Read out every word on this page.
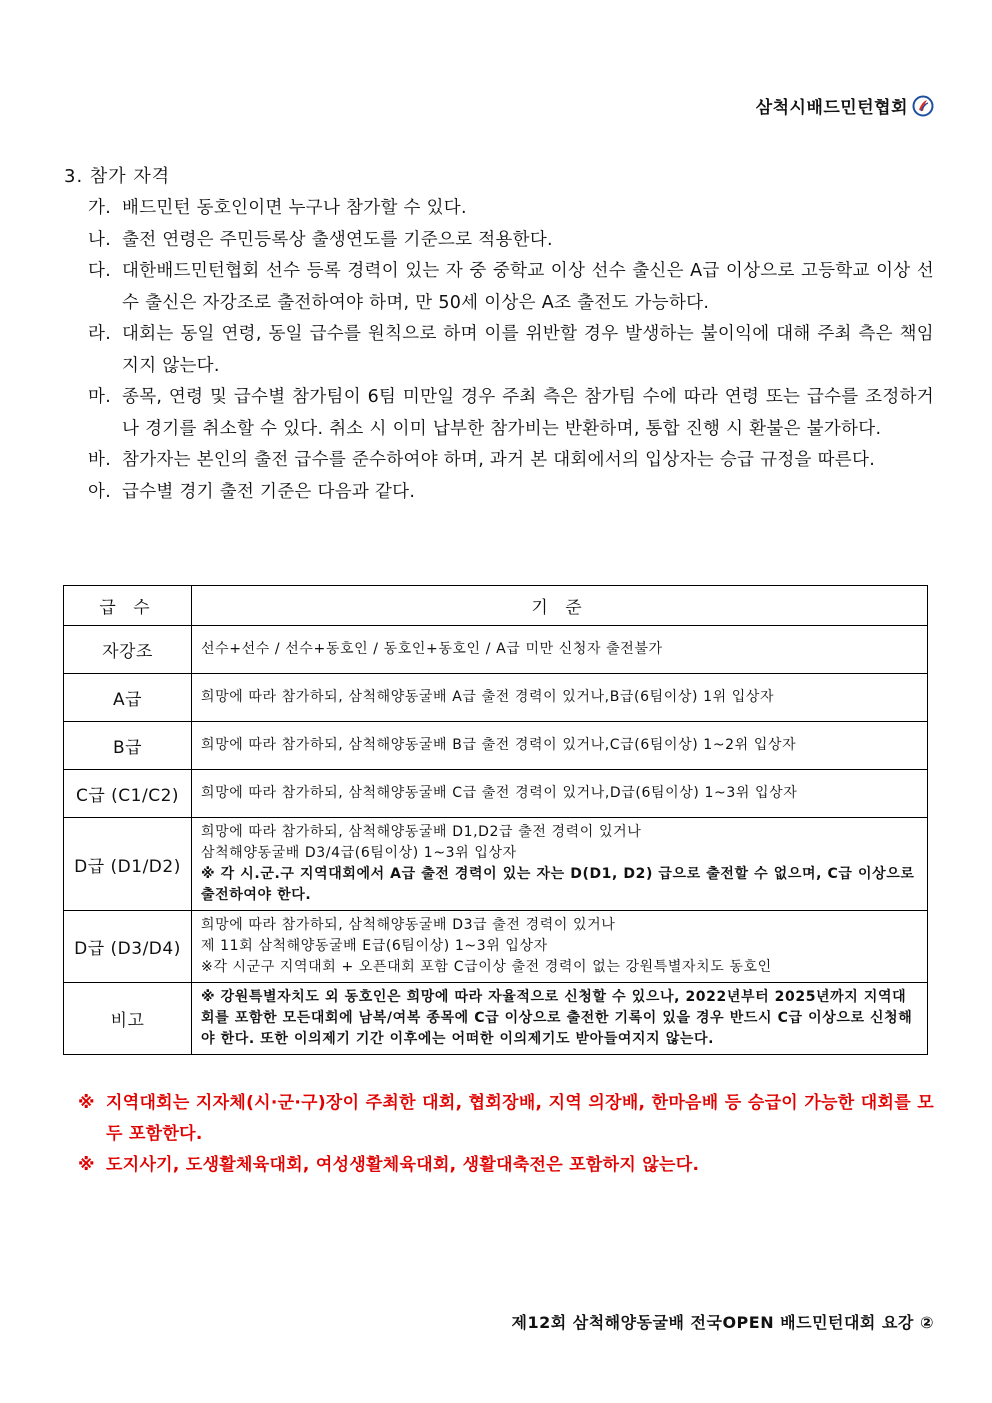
삼척시배드민턴협회
3. 참가 자격
가. 배드민턴 동호인이면 누구나 참가할 수 있다.
나. 출전 연령은 주민등록상 출생연도를 기준으로 적용한다.
다. 대한배드민턴협회 선수 등록 경력이 있는 자 중 중학교 이상 선수 출신은 A급 이상으로 고등학교 이상 선수 출신은 자강조로 출전하여야 하며, 만 50세 이상은 A조 출전도 가능하다.
라. 대회는 동일 연령, 동일 급수를 원칙으로 하며 이를 위반할 경우 발생하는 불이익에 대해 주최 측은 책임지지 않는다.
마. 종목, 연령 및 급수별 참가팀이 6팀 미만일 경우 주최 측은 참가팀 수에 따라 연령 또는 급수를 조정하거나 경기를 취소할 수 있다. 취소 시 이미 납부한 참가비는 반환하며, 통합 진행 시 환불은 불가하다.
바. 참가자는 본인의 출전 급수를 준수하여야 하며, 과거 본 대회에서의 입상자는 승급 규정을 따른다.
아. 급수별 경기 출전 기준은 다음과 같다.
급 수	기 준
자강조	선수+선수 / 선수+동호인 / 동호인+동호인 / A급 미만 신청자 출전불가
A급	희망에 따라 참가하되, 삼척해양동굴배 A급 출전 경력이 있거나,B급(6팀이상) 1위 입상자
B급	희망에 따라 참가하되, 삼척해양동굴배 B급 출전 경력이 있거나,C급(6팀이상) 1~2위 입상자
C급 (C1/C2)	희망에 따라 참가하되, 삼척해양동굴배 C급 출전 경력이 있거나,D급(6팀이상) 1~3위 입상자
D급 (D1/D2)	희망에 따라 참가하되, 삼척해양동굴배 D1,D2급 출전 경력이 있거나
삼척해양동굴배 D3/4급(6팀이상) 1~3위 입상자
※ 각 시.군.구 지역대회에서 A급 출전 경력이 있는 자는 D(D1, D2) 급으로 출전할 수 없으며, C급 이상으로 출전하여야 한다.

D급 (D3/D4)	희망에 따라 참가하되, 삼척해양동굴배 D3급 출전 경력이 있거나
제 11회 삼척해양동굴배 E급(6팀이상) 1~3위 입상자
※각 시군구 지역대회 + 오픈대회 포함 C급이상 출전 경력이 없는 강원특별자치도 동호인

비고	※ 강원특별자치도 외 동호인은 희망에 따라 자율적으로 신청할 수 있으나, 2022년부터 2025년까지 지역대회를 포함한 모든대회에 남복/여복 종목에 C급 이상으로 출전한 기록이 있을 경우 반드시 C급 이상으로 신청해야 한다. 또한 이의제기 기간 이후에는 어떠한 이의제기도 받아들여지지 않는다.
※ 지역대회는 지자체(시·군·구)장이 주최한 대회, 협회장배, 지역 의장배, 한마음배 등 승급이 가능한 대회를 모두 포함한다.
※ 도지사기, 도생활체육대회, 여성생활체육대회, 생활대축전은 포함하지 않는다.
제12회 삼척해양동굴배 전국OPEN 배드민턴대회 요강 ②
